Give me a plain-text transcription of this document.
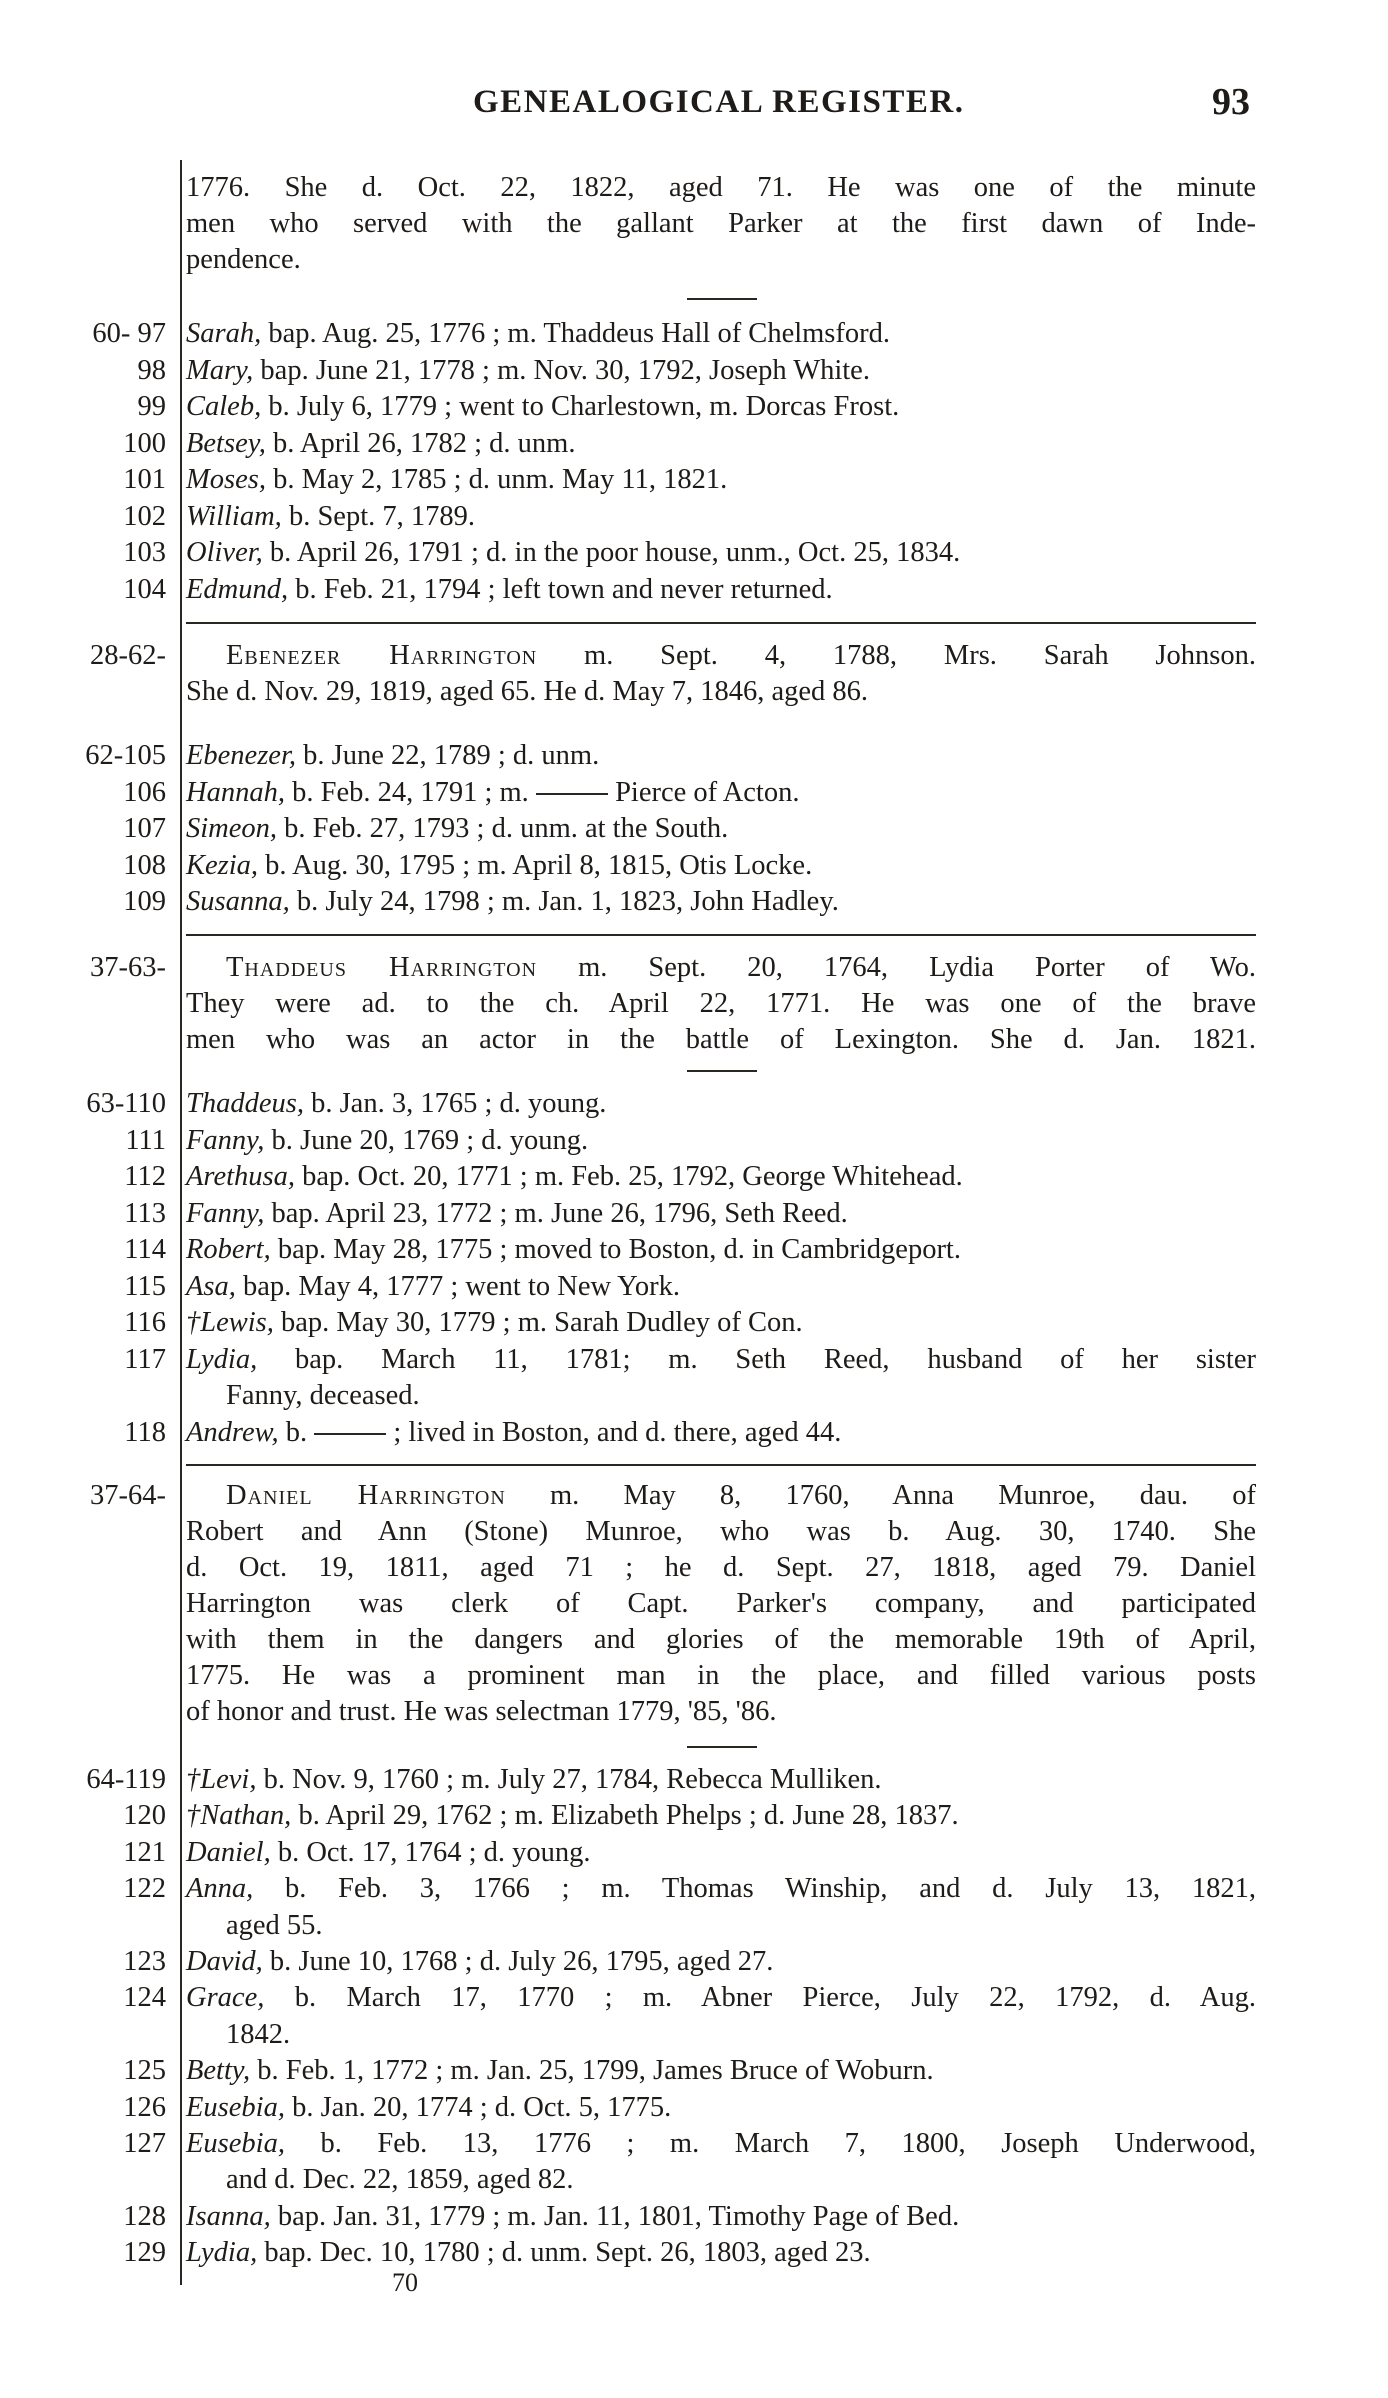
GENEALOGICAL REGISTER.	93
1776. She d. Oct. 22, 1822, aged 71. He was one of the minute
men who served with the gallant Parker at the first dawn of Inde-
pendence.
60- 97 Sarah, bap. Aug. 25, 1776 ; m. Thaddeus Hall of Chelmsford.
98 Mary, bap. June 21, 1778 ; m. Nov. 30, 1792, Joseph White.
99 Caleb, b. July 6, 1779 ; went to Charlestown, m. Dorcas Frost.
100 Betsey, b. April 26, 1782 ; d. unm.
101 Moses, b. May 2, 1785 ; d. unm. May 11, 1821.
102 William, b. Sept. 7, 1789.
103 Oliver, b. April 26, 1791 ; d. in the poor house, unm., Oct. 25, 1834.
104 Edmund, b. Feb. 21, 1794 ; left town and never returned.
28-62- Ebenezer Harrington m. Sept. 4, 1788, Mrs. Sarah Johnson.
She d. Nov. 29, 1819, aged 65. He d. May 7, 1846, aged 86.
62-105 Ebenezer, b. June 22, 1789 ; d. unm.
106 Hannah, b. Feb. 24, 1791 ; m.	Pierce of Acton.
107 Simeon, b. Feb. 27, 1793 ; d. unm. at the South.
108 Kezia, b. Aug. 30, 1795 ; m. April 8, 1815, Otis Locke.
109 Susanna, b. July 24, 1798 ; m. Jan. 1, 1823, John Hadley.
37-63- Thaddeus Harrington m. Sept. 20, 1764, Lydia Porter of Wo.
They were ad. to the ch. April 22, 1771. He was one of the brave
men who was an actor in the battle of Lexington. She d. Jan. 1821.
63-110 Thaddeus, b. Jan. 3, 1765 ; d. young.
111 Fanny, b. June 20, 1769 ; d. young.
112 Arethusa, bap. Oct. 20, 1771 ; m. Feb. 25, 1792, George Whitehead.
113 Fanny, bap. April 23, 1772 ; m. June 26, 1796, Seth Reed.
114 Robert, bap. May 28, 1775 ; moved to Boston, d. in Cambridgeport.
115 Asa, bap. May 4, 1777 ; went to New York.
116 †Lewis, bap. May 30, 1779 ; m. Sarah Dudley of Con.
117 Lydia, bap. March 11, 1781; m. Seth Reed, husband of her sister
Fanny, deceased.
118 Andrew, b.	; lived in Boston, and d. there, aged 44.
37-64- Daniel Harrington m. May 8, 1760, Anna Munroe, dau. of
Robert and Ann (Stone) Munroe, who was b. Aug. 30, 1740. She
d. Oct. 19, 1811, aged 71 ; he d. Sept. 27, 1818, aged 79. Daniel
Harrington was clerk of Capt. Parker's company, and participated
with them in the dangers and glories of the memorable 19th of April,
1775. He was a prominent man in the place, and filled various posts
of honor and trust. He was selectman 1779, '85, '86.
64-119 †Levi, b. Nov. 9, 1760 ; m. July 27, 1784, Rebecca Mulliken.
120 †Nathan, b. April 29, 1762 ; m. Elizabeth Phelps ; d. June 28, 1837.
121 Daniel, b. Oct. 17, 1764 ; d. young.
122 Anna, b. Feb. 3, 1766 ; m. Thomas Winship, and d. July 13, 1821,
aged 55.
123 David, b. June 10, 1768 ; d. July 26, 1795, aged 27.
124 Grace, b. March 17, 1770 ; m. Abner Pierce, July 22, 1792, d. Aug.
1842.
125 Betty, b. Feb. 1, 1772 ; m. Jan. 25, 1799, James Bruce of Woburn.
126 Eusebia, b. Jan. 20, 1774 ; d. Oct. 5, 1775.
127 Eusebia, b. Feb. 13, 1776 ; m. March 7, 1800, Joseph Underwood,
and d. Dec. 22, 1859, aged 82.
128 Isanna, bap. Jan. 31, 1779 ; m. Jan. 11, 1801, Timothy Page of Bed.
129 Lydia, bap. Dec. 10, 1780 ; d. unm. Sept. 26, 1803, aged 23.
70
